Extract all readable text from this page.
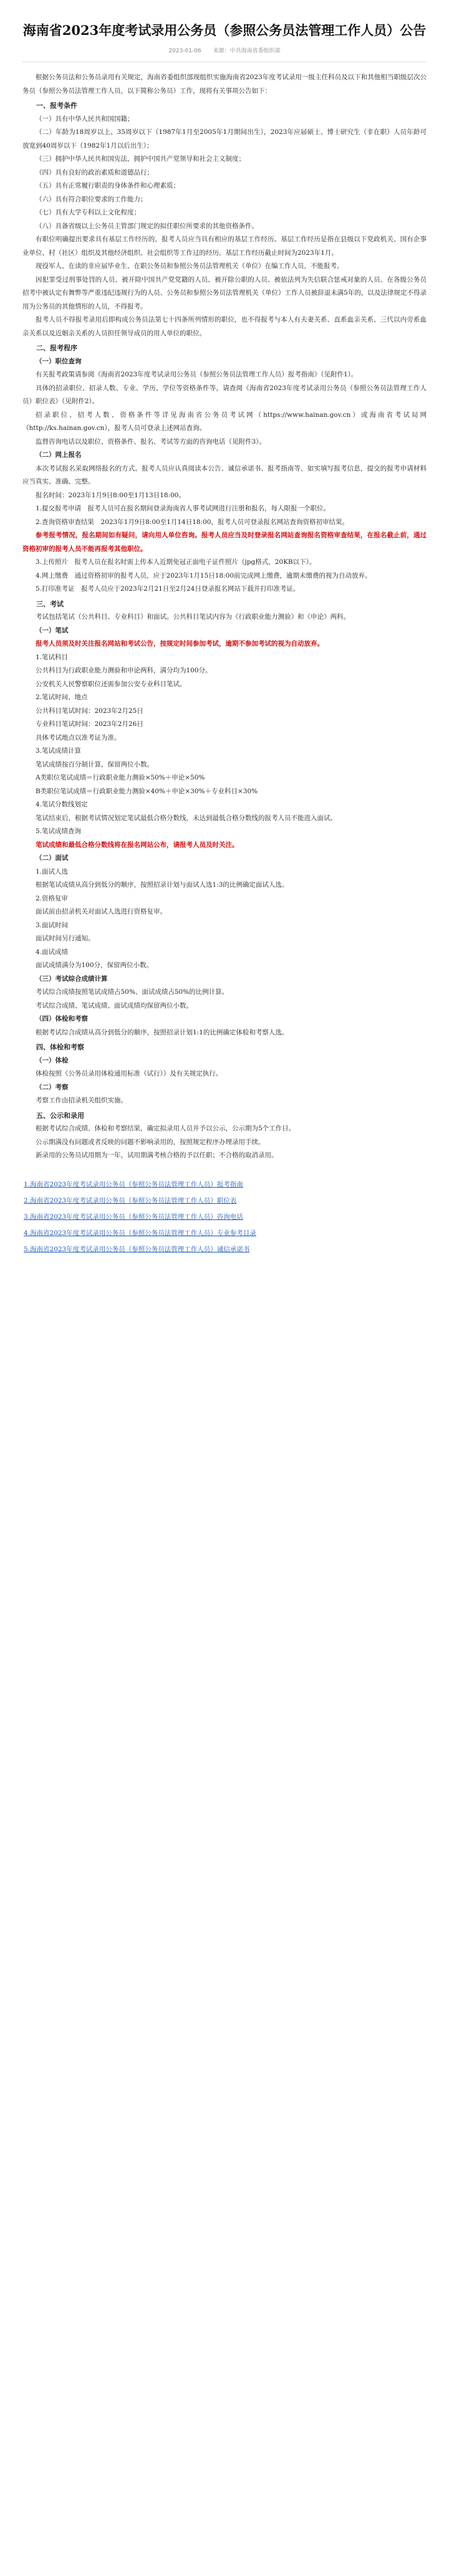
海南省2023年度考试录用公务员（参照公务员法管理工作人员）公告
2023-01-06 来源：中共海南省委组织部

根据公务员法和公务员录用有关规定，海南省委组织部现组织实施海南省2023年度考试录用一级主任科员及以下和其他相当职级层次公务员（参照公务员法管理工作人员，以下简称公务员）工作，现将有关事项公告如下：

一、报考条件

（一）具有中华人民共和国国籍；

（二）年龄为18周岁以上、35周岁以下（1987年1月至2005年1月期间出生），2023年应届硕士、博士研究生（非在职）人员年龄可放宽到40周岁以下（1982年1月以后出生）；

（三）拥护中华人民共和国宪法，拥护中国共产党领导和社会主义制度；

（四）具有良好的政治素质和道德品行；

（五）具有正常履行职责的身体条件和心理素质；

（六）具有符合职位要求的工作能力；

（七）具有大学专科以上文化程度；

（八）具备省级以上公务员主管部门规定的拟任职位所要求的其他资格条件。

有职位明确提出要求具有基层工作经历的，报考人员应当具有相应的基层工作经历。基层工作经历是指在县级以下党政机关、国有企事业单位、村（社区）组织及其他经济组织、社会组织等工作过的经历。基层工作经历截止时间为2023年1月。

现役军人、在读的非应届毕业生、在职公务员和参照公务员法管理机关（单位）在编工作人员，不能报考。

因犯罪受过刑事处罚的人员、被开除中国共产党党籍的人员、被开除公职的人员、被依法列为失信联合惩戒对象的人员、在各级公务员招考中被认定有舞弊等严重违纪违规行为的人员、公务员和参照公务员法管理机关（单位）工作人员被辞退未满5年的，以及法律规定不得录用为公务员的其他情形的人员，不得报考。

报考人员不得报考录用后即构成公务员法第七十四条所列情形的职位，也不得报考与本人有夫妻关系、直系血亲关系、三代以内旁系血亲关系以及近姻亲关系的人员担任领导成员的用人单位的职位。

二、报考程序

（一）职位查询

有关报考政策请参阅《海南省2023年度考试录用公务员（参照公务员法管理工作人员）报考指南》（见附件1）。

具体的招录职位、招录人数、专业、学历、学位等资格条件等，请查阅《海南省2023年度考试录用公务员（参照公务员法管理工作人员）职位表》（见附件2）。

招录职位、招考人数、资格条件等详见海南省公务员考试网（https://www.hainan.gov.cn）或海南省考试局网（http://ks.hainan.gov.cn），报考人员可登录上述网站查询。

监督咨询电话以及职位、资格条件、报名、考试等方面的咨询电话（见附件3）。

（二）网上报名

本次考试报名采取网络报名的方式。报考人员应认真阅读本公告、诚信承诺书、报考指南等，如实填写报考信息，提交的报考申请材料应当真实、准确、完整。

报名时间：2023年1月9日8:00至1月13日18:00。

1.提交报考申请　报考人员可在报名期间登录海南省人事考试网进行注册和报名，每人限报一个职位。

2.查询资格审查结果　2023年1月9日8:00至1月14日18:00，报考人员可登录报名网站查询资格初审结果。

参考报考情况，报名期间如有疑问，请向用人单位咨询。报考人员应当及时登录报名网站查询报名资格审查结果，在报名截止前，通过资格初审的报考人员不能再报考其他职位。

3.上传照片　报考人员在报名时需上传本人近期免冠正面电子证件照片（jpg格式，20KB以下）。

4.网上缴费　通过资格初审的报考人员，应于2023年1月15日18:00前完成网上缴费，逾期未缴费的视为自动放弃。

5.打印准考证　报考人员应于2023年2月21日至2月24日登录报名网站下载并打印准考证。

三、考试

考试包括笔试（公共科目、专业科目）和面试。公共科目笔试内容为《行政职业能力测验》和《申论》两科。

（一）笔试

报考人员须及时关注报名网站和考试公告，按规定时间参加考试，逾期不参加考试的视为自动放弃。

1.笔试科目

公共科目为行政职业能力测验和申论两科，满分均为100分。

公安机关人民警察职位还需参加公安专业科目笔试。

2.笔试时间、地点

公共科目笔试时间：2023年2月25日

专业科目笔试时间：2023年2月26日

具体考试地点以准考证为准。

3.笔试成绩计算

笔试成绩按百分制计算，保留两位小数。

A类职位笔试成绩＝行政职业能力测验×50%＋申论×50%

B类职位笔试成绩＝行政职业能力测验×40%＋申论×30%＋专业科目×30%

4.笔试分数线划定

笔试结束后，根据考试情况划定笔试最低合格分数线，未达到最低合格分数线的报考人员不能进入面试。

5.笔试成绩查询

笔试成绩和最低合格分数线将在报名网站公布，请报考人员及时关注。

（二）面试

1.面试人选

根据笔试成绩从高分到低分的顺序，按照招录计划与面试人选1:3的比例确定面试人选。

2.资格复审

面试前由招录机关对面试人选进行资格复审。

3.面试时间

面试时间另行通知。

4.面试成绩

面试成绩满分为100分，保留两位小数。

（三）考试综合成绩计算

考试综合成绩按照笔试成绩占50%、面试成绩占50%的比例计算。

考试综合成绩、笔试成绩、面试成绩均保留两位小数。

（四）体检和考察

根据考试综合成绩从高分到低分的顺序，按照招录计划1:1的比例确定体检和考察人选。

四、体检和考察

（一）体检

体检按照《公务员录用体检通用标准（试行）》及有关规定执行。

（二）考察

考察工作由招录机关组织实施。

五、公示和录用

根据考试综合成绩、体检和考察结果，确定拟录用人员并予以公示，公示期为5个工作日。

公示期满没有问题或者反映的问题不影响录用的，按照规定程序办理录用手续。

新录用的公务员试用期为一年，试用期满考核合格的予以任职；不合格的取消录用。

1.海南省2023年度考试录用公务员（参照公务员法管理工作人员）报考指南
2.海南省2023年度考试录用公务员（参照公务员法管理工作人员）职位表
3.海南省2023年度考试录用公务员（参照公务员法管理工作人员）咨询电话
4.海南省2023年度考试录用公务员（参照公务员法管理工作人员）专业参考目录
5.海南省2023年度考试录用公务员（参照公务员法管理工作人员）诚信承诺书
